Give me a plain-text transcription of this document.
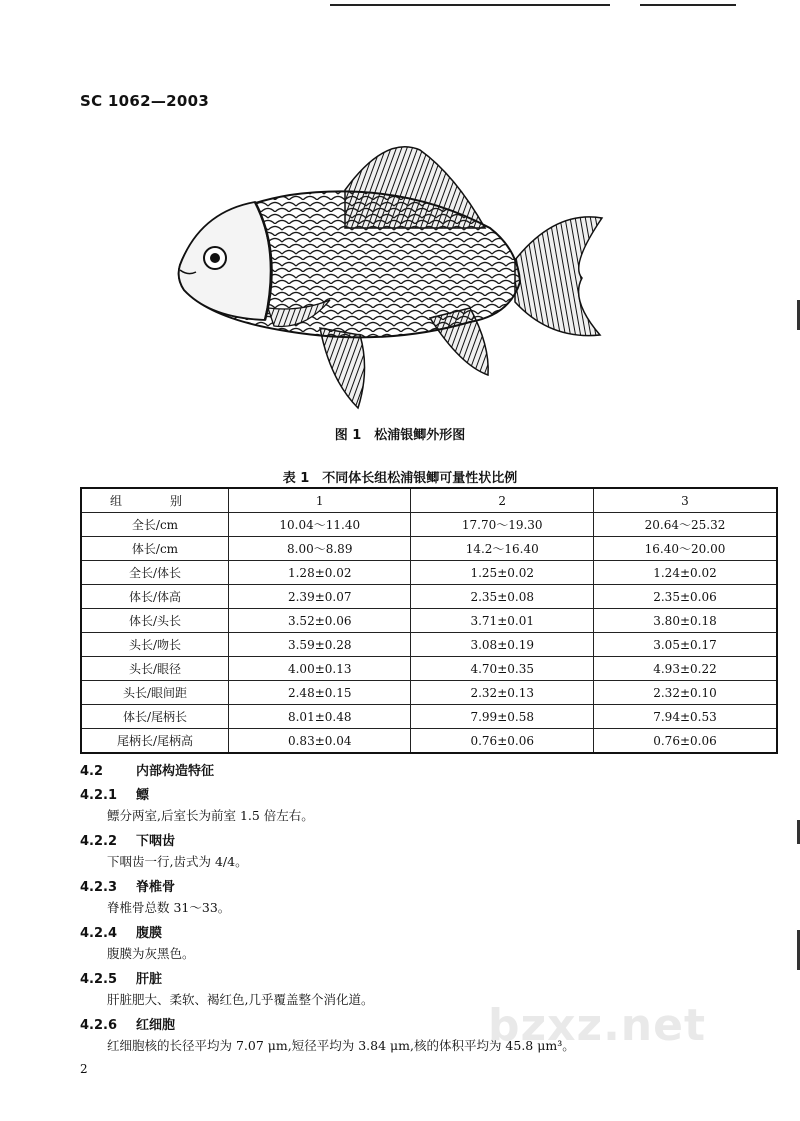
SC 1062—2003
图 1　松浦银鲫外形图
表 1　不同体长组松浦银鲫可量性状比例
组　别	1	2	3
全长/cm	10.04～11.40	17.70～19.30	20.64～25.32
体长/cm	8.00～8.89	14.2～16.40	16.40～20.00
全长/体长	1.28±0.02	1.25±0.02	1.24±0.02
体长/体高	2.39±0.07	2.35±0.08	2.35±0.06
体长/头长	3.52±0.06	3.71±0.01	3.80±0.18
头长/吻长	3.59±0.28	3.08±0.19	3.05±0.17
头长/眼径	4.00±0.13	4.70±0.35	4.93±0.22
头长/眼间距	2.48±0.15	2.32±0.13	2.32±0.10
体长/尾柄长	8.01±0.48	7.99±0.58	7.94±0.53
尾柄长/尾柄高	0.83±0.04	0.76±0.06	0.76±0.06
4.2	内部构造特征
4.2.1 鳔
鳔分两室,后室长为前室 1.5 倍左右。
4.2.2 下咽齿
下咽齿一行,齿式为 4/4。
4.2.3 脊椎骨
脊椎骨总数 31～33。
4.2.4 腹膜
腹膜为灰黑色。
4.2.5 肝脏
肝脏肥大、柔软、褐红色,几乎覆盖整个消化道。
4.2.6 红细胞
红细胞核的长径平均为 7.07 μm,短径平均为 3.84 μm,核的体积平均为 45.8 μm³。
bzxz.net
2
